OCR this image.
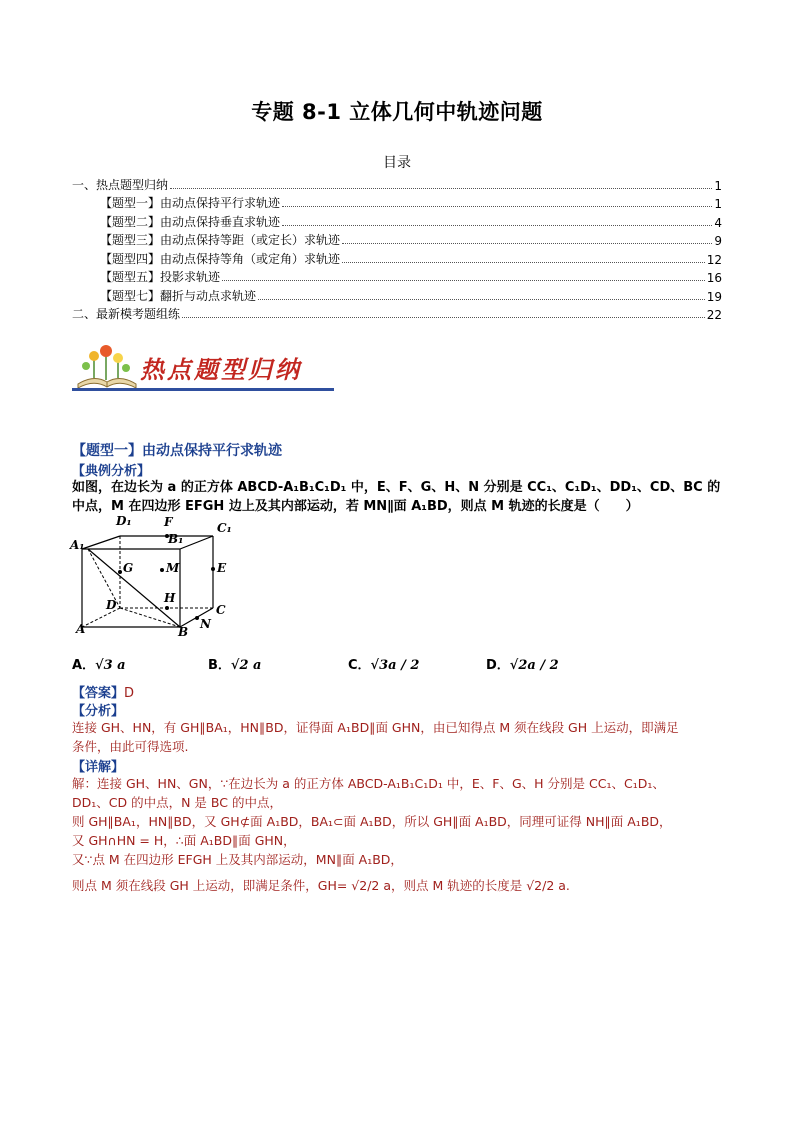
专题 8-1 立体几何中轨迹问题
目录
一、热点题型归纳	1
【题型一】由动点保持平行求轨迹	1
【题型二】由动点保持垂直求轨迹	4
【题型三】由动点保持等距（或定长）求轨迹	9
【题型四】由动点保持等角（或定角）求轨迹	12
【题型五】投影求轨迹	16
【题型七】翻折与动点求轨迹	19
二、最新模考题组练	22
热点题型归纳
【题型一】由动点保持平行求轨迹
【典例分析】
如图，在边长为 a 的正方体 ABCD-A₁B₁C₁D₁ 中，E、F、G、H、N 分别是 CC₁、C₁D₁、DD₁、CD、BC 的
中点，M 在四边形 EFGH 边上及其内部运动，若 MN∥面 A₁BD，则点 M 轨迹的长度是（　　）
D₁	F	C₁
A₁	B₁
G	M	E
H
D	C
A	B
N
A．√3 a	B．√2 a	C．√3a / 2	D．√2a / 2
【答案】D
【分析】
连接 GH、HN，有 GH∥BA₁，HN∥BD，证得面 A₁BD∥面 GHN，由已知得点 M 须在线段 GH 上运动，即满足
条件，由此可得选项.
【详解】
解：连接 GH、HN、GN，∵在边长为 a 的正方体 ABCD-A₁B₁C₁D₁ 中，E、F、G、H 分别是 CC₁、C₁D₁、
DD₁、CD 的中点，N 是 BC 的中点，
则 GH∥BA₁，HN∥BD，又 GH⊄面 A₁BD，BA₁⊂面 A₁BD，所以 GH∥面 A₁BD，同理可证得 NH∥面 A₁BD，
又 GH∩HN = H，∴面 A₁BD∥面 GHN，
又∵点 M 在四边形 EFGH 上及其内部运动，MN∥面 A₁BD，
则点 M 须在线段 GH 上运动，即满足条件，GH= √2/2 a，则点 M 轨迹的长度是 √2/2 a.
